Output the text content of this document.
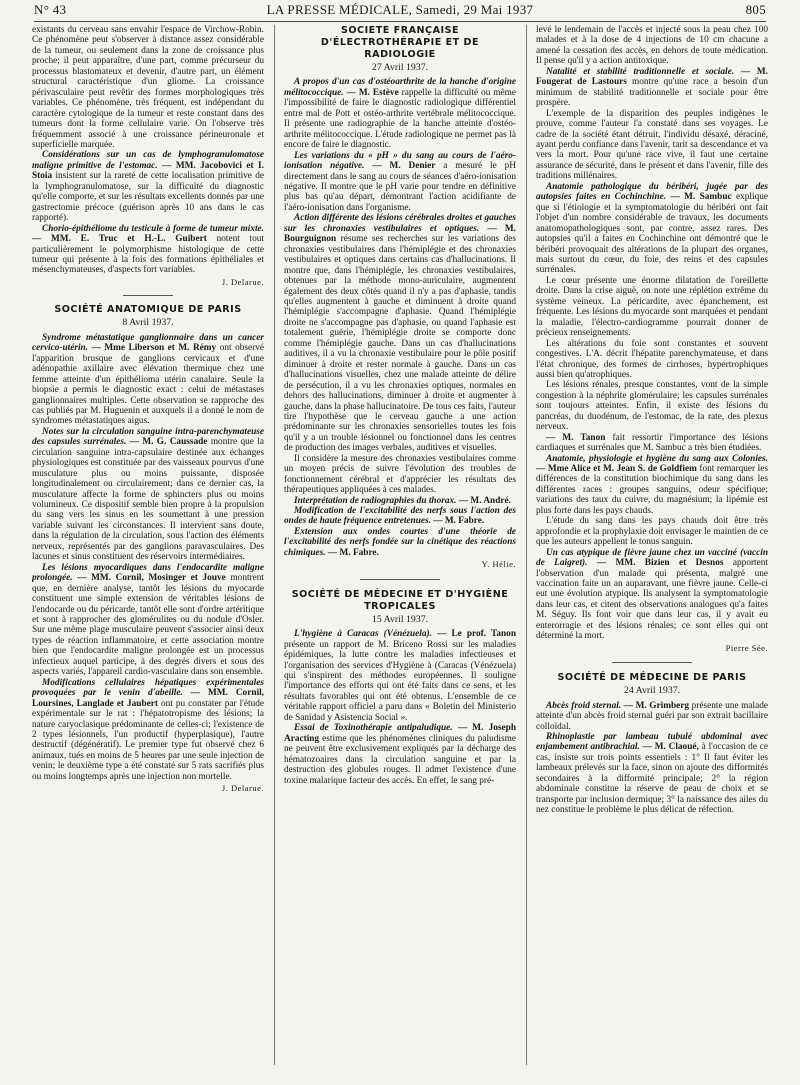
N° 43	LA PRESSE MÉDICALE, Samedi, 29 Mai 1937	805

existants du cerveau sans envahir l'espace de Virchow-Robin. Ce phénomène peut s'observer à distance assez considérable de la tumeur, ou seulement dans la zone de croissance plus proche; il peut apparaître, d'une part, comme précurseur du processus blastomateux et devenir, d'autre part, un élément structural caractéristique d'un gliome. La croissance périvasculaire peut revêtir des formes morphologiques très variables. Ce phénomène, très fréquent, est indépendant du caractère cytologique de la tumeur et reste constant dans des tumeurs dont la forme cellulaire varie. On l'observe très fréquemment associé à une croissance périneuronale et superficielle marquée.

Considérations sur un cas de lymphogranulomatose maligne primitive de l'estomac. — MM. Jacobovici et I. Stoia insistent sur la rareté de cette localisation primitive de la lymphogranulomatose, sur la difficulté du diagnostic qu'elle comporte, et sur les résultats excellents donnés par une gastrectomie précoce (guérison après 10 ans dans le cas rapporté).

Chorio-épithéliome du testicule à forme de tumeur mixte. — MM. E. Truc et H.-L. Guibert notent tout particulièrement le polymorphisme histologique de cette tumeur qui présente à la fois des formations épithéliales et mésenchymateuses, d'aspects fort variables.

J. Delarue.

SOCIÉTÉ ANATOMIQUE DE PARIS
8 Avril 1937.

Syndrome métastatique ganglionnaire dans un cancer cervico-utérin. — Mme Liberson et M. Rémy ont observé l'apparition brusque de ganglions cervicaux et d'une adénopathie axillaire avec élévation thermique chez une femme atteinte d'un épithélioma utérin canalaire. Seule la biopsie a permis le diagnostic exact : celui de métastases ganglionnaires multiples. Cette observation se rapproche des cas publiés par M. Huguenin et auxquels il a donné le nom de syndromes métastatiques aigus.

Notes sur la circulation sanguine intra-parenchymateuse des capsules surrénales. — M. G. Caussade montre que la circulation sanguine intra-capsulaire destinée aux échanges physiologiques est constituée par des vaisseaux pourvus d'une musculature plus ou moins puissante, disposée longitudinalement ou circulairement; dans ce dernier cas, la musculature affecte la forme de sphincters plus ou moins volumineux. Ce dispositif semble bien propre à la propulsion du sang vers les sinus en les soumettant à une pression variable suivant les circonstances. Il intervient sans doute, dans la régulation de la circulation, sous l'action des éléments nerveux, représentés par des ganglions paravasculaires. Des lacunes et sinus constituent des réservoirs intermédiaires.

Les lésions myocardiques dans l'endocardite maligne prolongée. — MM. Cornil, Mosinger et Jouve montrent que, en dernière analyse, tantôt les lésions du myocarde constituent une simple extension de véritables lésions de l'endocarde ou du péricarde, tantôt elle sont d'ordre artéritique et sont à rapprocher des glomérulites ou du nodule d'Osler. Sur une même plage musculaire peuvent s'associer ainsi deux types de réaction inflammatoire, et cette association montre bien que l'endocardite maligne prolongée est un processus infectieux auquel participe, à des degrés divers et sous des aspects variés, l'appareil cardio-vasculaire dans son ensemble.

Modifications cellulaires hépatiques expérimentales provoquées par le venin d'abeille. — MM. Cornil, Loursines, Langlade et Jaubert ont pu constater par l'étude expérimentale sur le rat : l'hépatotropisme des lésions; la nature caryoclasique prédominante de celles-ci; l'existence de 2 types lésionnels, l'un productif (hyperplasique), l'autre destructif (dégénératif). Le premier type fut observé chez 6 animaux, tués en moins de 5 heures par une seule injection de venin; le deuxième type a été constaté sur 5 rats sacrifiés plus ou moins longtemps après une injection non mortelle.

J. Delarue.

SOCIÉTÉ FRANÇAISE D'ÉLECTROTHÉRAPIE ET DE RADIOLOGIE
27 Avril 1937.

A propos d'un cas d'ostéoarthrite de la hanche d'origine mélitococcique. — M. Estève rappelle la difficulté ou même l'impossibilité de faire le diagnostic radiologique différentiel entre mal de Pott et ostéo-arthrite vertébrale mélitococcique. Il présente une radiographie de la hanche atteinte d'ostéo-arthrite mélitococcique. L'étude radiologique ne permet pas là encore de faire le diagnostic.

Les variations du « pH » du sang au cours de l'aéro-ionisation négative. — M. Denier a mesuré le pH directement dans le sang au cours de séances d'aéro-ionisation négative. Il montre que le pH varie pour tendre en définitive plus bas qu'au départ, démontrant l'action acidifiante de l'aéro-ionisation dans l'organisme.

Action différente des lésions cérébrales droites et gauches sur les chronaxies vestibulaires et optiques. — M. Bourguignon résume ses recherches sur les variations des chronaxies vestibulaires dans l'hémiplégie et des chronaxies vestibulaires et optiques dans certains cas d'hallucinations. Il montre que, dans l'hémiplégie, les chronaxies vestibulaires, obtenues par la méthode mono-auriculaire, augmentent également des deux côtés quand il n'y a pas d'aphasie, tandis qu'elles augmentent à gauche et diminuent à droite quand l'hémiplégie s'accompagne d'aphasie. Quand l'hémiplégie droite ne s'accompagne pas d'aphasie, ou quand l'aphasie est totalement guérie, l'hémiplégie droite se comporte donc comme l'hémiplégie gauche. Dans un cas d'hallucinations auditives, il a vu la chronaxie vestibulaire pour le pôle positif diminuer à droite et rester normale à gauche. Dans un cas d'hallucinations visuelles, chez une malade atteinte de délire de persécution, il a vu les chronaxies optiques, normales en dehors des hallucinations, diminuer à droite et augmenter à gauche, dans la phase hallucinatoire. De tous ces faits, l'auteur tire l'hypothèse que le cerveau gauche a une action prédominante sur les chronaxies sensorielles toutes les fois qu'il y a un trouble lésionnel ou fonctionnel dans les centres de production des images verbales, auditives et visuelles.

Il considère la mesure des chronaxies vestibulaires comme un moyen précis de suivre l'évolution des troubles de fonctionnement cérébral et d'apprécier les résultats des thérapeutiques appliquées à ces malades.

Interprétation de radiographies du thorax. — M. André.

Modification de l'excitabilité des nerfs sous l'action des ondes de haute fréquence entretenues. — M. Fabre.

Extension aux ondes courtes d'une théorie de l'excitabilité des nerfs fondée sur la cinétique des réactions chimiques. — M. Fabre.

Y. Hélie.

SOCIÉTÉ DE MÉDECINE ET D'HYGIÈNE TROPICALES
15 Avril 1937.

L'hygiène à Caracas (Vénézuela). — Le prof. Tanon présente un rapport de M. Briceno Rossi sur les maladies épidémiques, la lutte contre les maladies infectieuses et l'organisation des services d'Hygiène à (Caracas (Vénézuela) qui s'inspirent des méthodes européennes. Il souligne l'importance des efforts qui ont été faits dans ce sens, et les résultats favorables qui ont été obtenus. L'ensemble de ce véritable rapport officiel a paru dans « Boletin del Ministerio de Sanidad y Asistencia Social ».

Essai de Toxinothérapie antipaludique. — M. Joseph Aracting estime que les phénomènes cliniques du paludisme ne peuvent être exclusivement expliqués par la décharge des hématozoaires dans la circulation sanguine et par la destruction des globules rouges. Il admet l'existence d'une toxine malarique facteur des accès. En effet, le sang pré-

levé le lendemain de l'accès et injecté sous la peau chez 100 malades et à la dose de 4 injections de 10 cm chacune a amené la cessation des accès, en dehors de toute médication. Il pense qu'il y a action antitoxique.

Natalité et stabilité traditionnelle et sociale. — M. Fougerat de Lastours montre qu'une race a besoin d'un minimum de stabilité traditionnelle et sociale pour être prospère.

L'exemple de la disparition des peuples indigènes le prouve, comme l'auteur l'a constaté dans ses voyages. Le cadre de la société étant détruit, l'individu désaxé, déraciné, ayant perdu confiance dans l'avenir, tarit sa descendance et va vers la mort. Pour qu'une race vive, il faut une certaine assurance de sécurité, dans le présent et dans l'avenir, fille des traditions millénaires.

Anatomie pathologique du béribéri, jugée par des autopsies faites en Cochinchine. — M. Sambuc explique que si l'étiologie et la symptomatologie du béribéri ont fait l'objet d'un nombre considérable de travaux, les documents anatomopathologiques sont, par contre, assez rares. Des autopsies qu'il a faites en Cochinchine ont démontré que le béribéri provoquait des altérations de la plupart des organes, mais surtout du cœur, du foie, des reins et des capsules surrénales.

Le cœur présente une énorme dilatation de l'oreillette droite. Dans la crise aiguë, on note une réplétion extrême du système veineux. La péricardite, avec épanchement, est fréquente. Les lésions du myocarde sont marquées et pendant la maladie, l'électro-cardiogramme pourrait donner de précieux renseignements.

Les altérations du foie sont constantes et souvent congestives. L'A. décrit l'hépatite parenchymateuse, et dans l'état chronique, des formes de cirrhoses, hypertrophiques aussi bien qu'atrophiques.

Les lésions rénales, presque constantes, vont de la simple congestion à la néphrite glomérulaire; les capsules surrénales sont toujours atteintes. Enfin, il existe des lésions du pancréas, du duodénum, de l'estomac, de la rate, des plexus nerveux.

— M. Tanon fait ressortir l'importance des lésions cardiaques et surrénales que M. Sambuc a très bien étudiées.

Anatomie, physiologie et hygiène du sang aux Colonies. — Mme Alice et M. Jean S. de Goldfiem font remarquer les différences de la constitution biochimique du sang dans les différentes races : groupes sanguins, odeur spécifique; variations des taux du cuivre, du magnésium; la lipémie est plus forte dans les pays chauds.

L'étude du sang dans les pays chauds doit être très approfondie et la prophylaxie doit envisager le maintien de ce que les auteurs appellent le tonus sanguin.

Un cas atypique de fièvre jaune chez un vacciné (vaccin de Laigret). — MM. Bizien et Desnos apportent l'observation d'un malade qui présenta, malgré une vaccination faite un an auparavant, une fièvre jaune. Celle-ci eut une évolution atypique. Ils analysent la symptomatologie dans leur cas, et citent des observations analogues qu'a faites M. Séguy. Ils font voir que dans leur cas, il y avait eu enterorragie et des lésions rénales; ce sont elles qui ont déterminé la mort.

Pierre Sée.

SOCIÉTÉ DE MÉDECINE DE PARIS
24 Avril 1937.

Abcès froid sternal. — M. Grimberg présente une malade atteinte d'un abcès froid sternal guéri par son extrait bacillaire colloïdal.

Rhinoplastie par lambeau tubulé abdominal avec enjambement antibrachial. — M. Claoué, à l'occasion de ce cas, insiste sur trois points essentiels : 1° Il faut éviter les lambeaux prélevés sur la face, sinon on ajoute des difformités secondaires à la difformité principale; 2° la région abdominale constitue la réserve de peau de choix et se transporte par inclusion dermique; 3° la naissance des ailes du nez constitue le problème le plus délicat de réfection.
